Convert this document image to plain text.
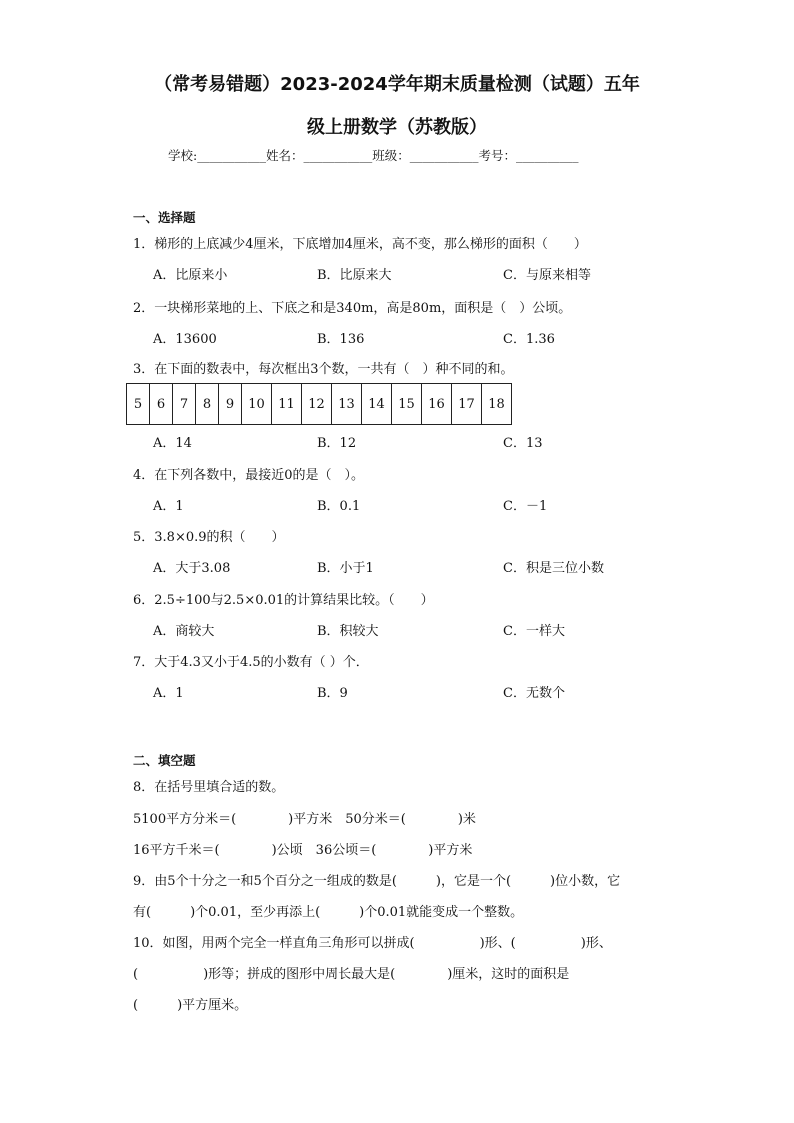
（常考易错题）2023-2024学年期末质量检测（试题）五年
级上册数学（苏教版）
学校:___________姓名：___________班级：___________考号：__________
一、选择题
1．梯形的上底减少4厘米，下底增加4厘米，高不变，那么梯形的面积（　　）
A．比原来小	B．比原来大	C．与原来相等
2．一块梯形菜地的上、下底之和是340m，高是80m，面积是（　）公顷。
A．13600	B．136	C．1.36
3．在下面的数表中，每次框出3个数，一共有（　）种不同的和。
5	6	7	8	9	10	11	12	13	14	15	16	17	18
A．14	B．12	C．13
4．在下列各数中，最接近0的是（　）。
A．1	B．0.1	C．－1
5．3.8×0.9的积（　　）
A．大于3.08	B．小于1	C．积是三位小数
6．2.5÷100与2.5×0.01的计算结果比较。（　　）
A．商较大	B．积较大	C．一样大
7．大于4.3又小于4.5的小数有（ ）个．
A．1	B．9	C．无数个
二、填空题
8．在括号里填合适的数。
5100平方分米＝(　　　　)平方米　50分米＝(　　　　)米
16平方千米＝(　　　　)公顷　36公顷＝(　　　　)平方米
9．由5个十分之一和5个百分之一组成的数是(　　　)，它是一个(　　　)位小数，它
有(　　　)个0.01，至少再添上(　　　)个0.01就能变成一个整数。
10．如图，用两个完全一样直角三角形可以拼成(　　　　　)形、(　　　　　)形、
(　　　　　)形等；拼成的图形中周长最大是(　　　　)厘米，这时的面积是
(　　　)平方厘米。
